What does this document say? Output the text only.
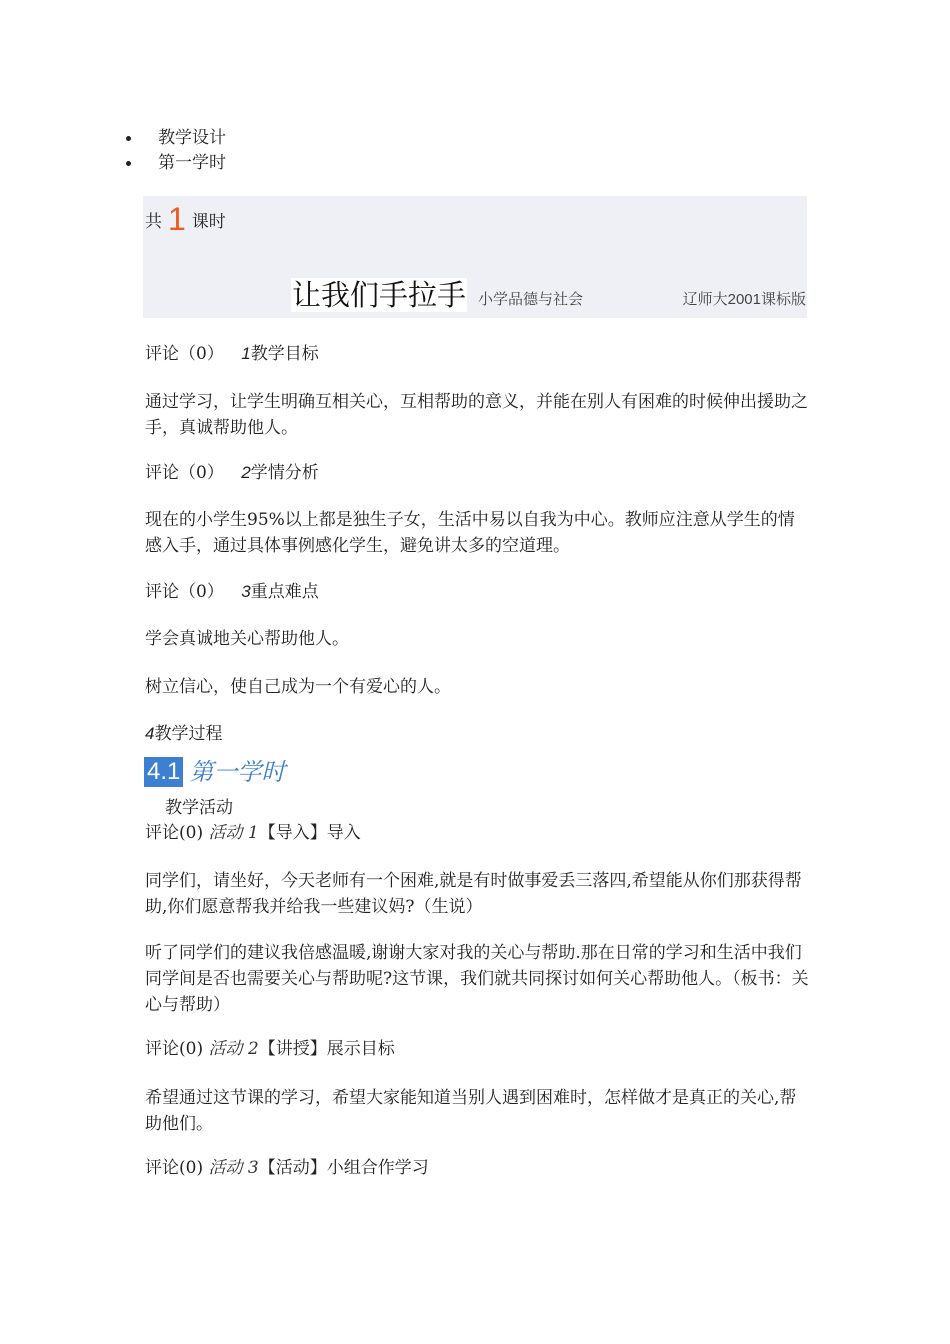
教学设计
第一学时
共 1 课时
让我们手拉手 小学品德与社会	辽师大2001课标版
评论（0） 1教学目标
通过学习，让学生明确互相关心，互相帮助的意义，并能在别人有困难的时候伸出援助之手，真诚帮助他人。
评论（0） 2学情分析
现在的小学生95%以上都是独生子女，生活中易以自我为中心。教师应注意从学生的情感入手，通过具体事例感化学生，避免讲太多的空道理。
评论（0） 3重点难点
学会真诚地关心帮助他人。
树立信心，使自己成为一个有爱心的人。
4教学过程
4.1 第一学时
教学活动
评论(0) 活动 1【导入】导入
同学们，请坐好，今天老师有一个困难,就是有时做事爱丢三落四,希望能从你们那获得帮助,你们愿意帮我并给我一些建议妈?（生说）
听了同学们的建议我倍感温暖,谢谢大家对我的关心与帮助.那在日常的学习和生活中我们同学间是否也需要关心与帮助呢?这节课，我们就共同探讨如何关心帮助他人。（板书：关心与帮助）
评论(0) 活动 2【讲授】展示目标
希望通过这节课的学习，希望大家能知道当别人遇到困难时，怎样做才是真正的关心,帮助他们。
评论(0) 活动 3【活动】小组合作学习
